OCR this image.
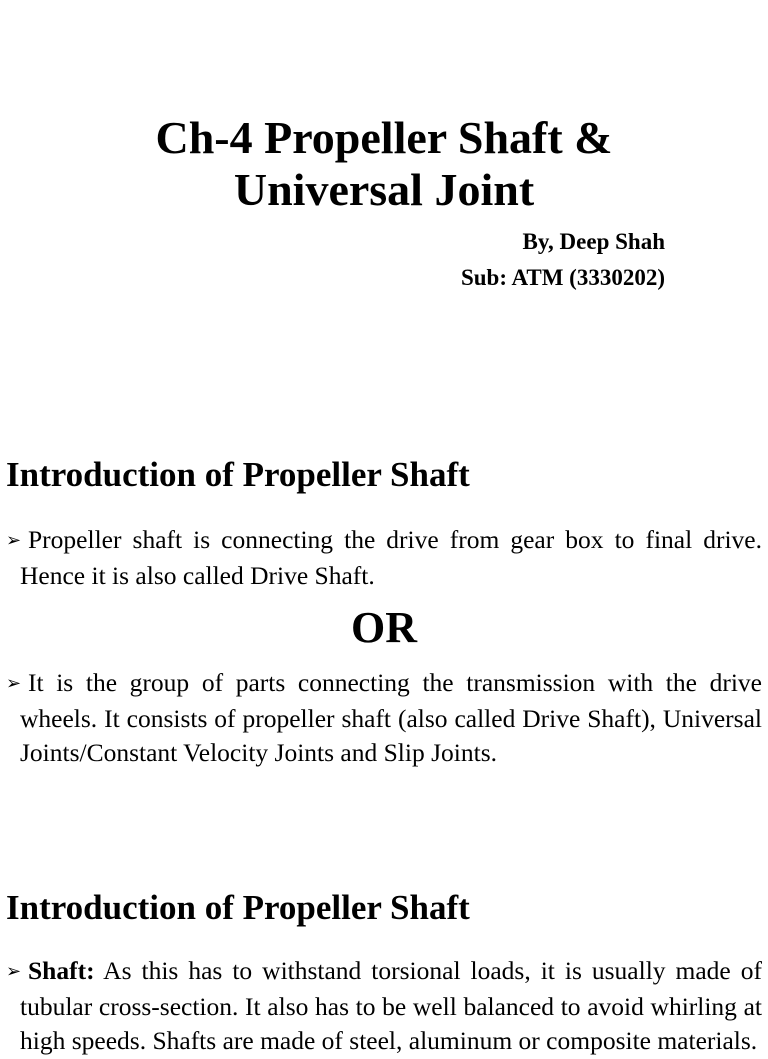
Ch-4 Propeller Shaft &
Universal Joint

By, Deep Shah

Sub: ATM (3330202)

Introduction of Propeller Shaft

➢ Propeller shaft is connecting the drive from gear box to final drive. Hence it is also called Drive Shaft.

OR

➢ It is the group of parts connecting the transmission with the drive wheels. It consists of propeller shaft (also called Drive Shaft), Universal Joints/Constant Velocity Joints and Slip Joints.

Introduction of Propeller Shaft

➢ Shaft: As this has to withstand torsional loads, it is usually made of tubular cross-section. It also has to be well balanced to avoid whirling at high speeds. Shafts are made of steel, aluminum or composite materials.
